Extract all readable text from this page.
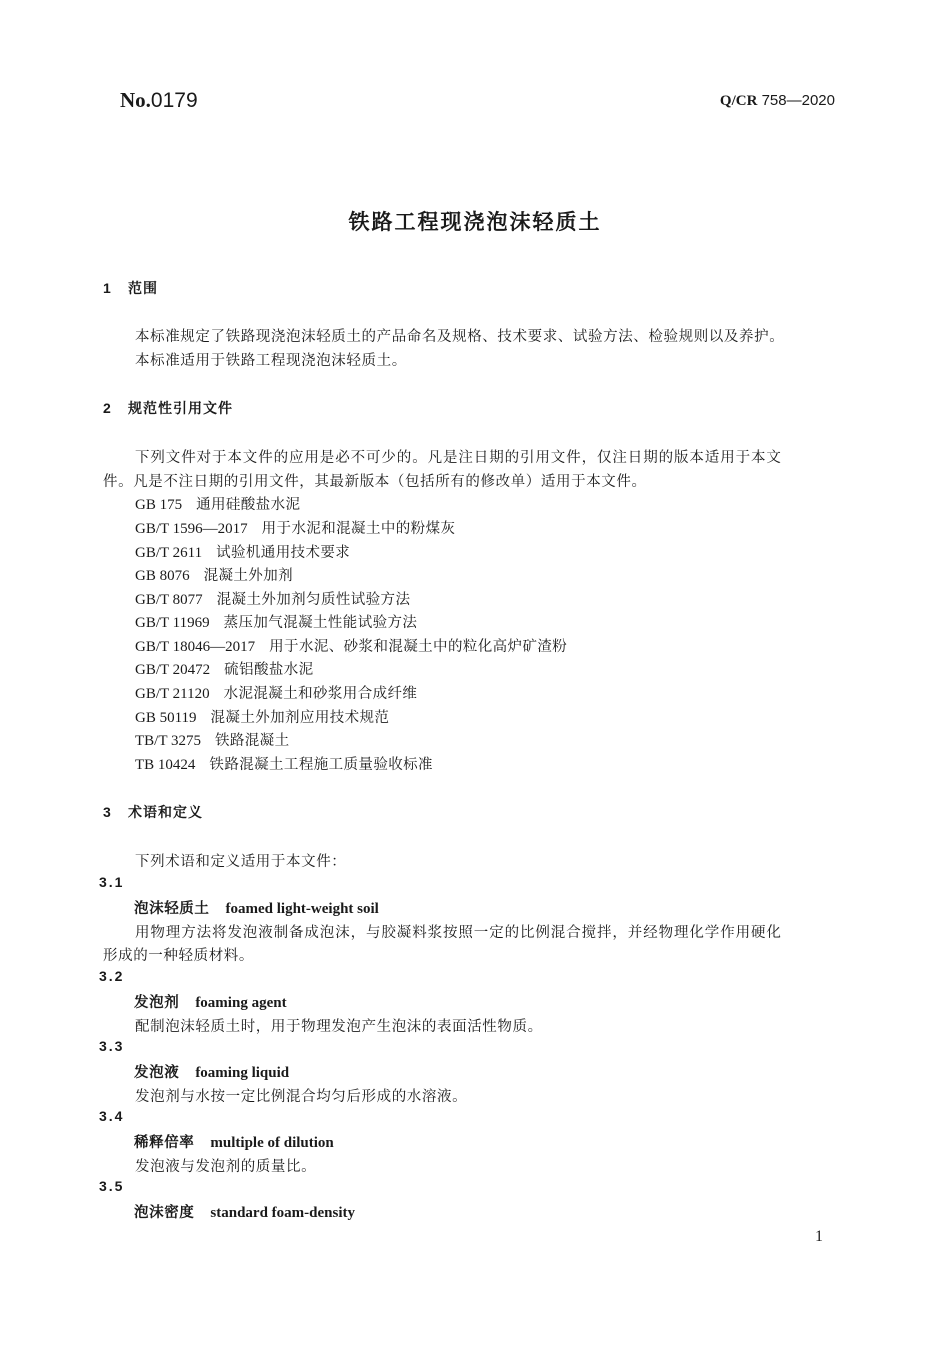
No.0179	Q/CR 758—2020
铁路工程现浇泡沫轻质土
1 范围
本标准规定了铁路现浇泡沫轻质土的产品命名及规格、技术要求、试验方法、检验规则以及养护。
本标准适用于铁路工程现浇泡沫轻质土。
2 规范性引用文件
下列文件对于本文件的应用是必不可少的。凡是注日期的引用文件，仅注日期的版本适用于本文
件。凡是不注日期的引用文件，其最新版本（包括所有的修改单）适用于本文件。
GB 175 通用硅酸盐水泥
GB/T 1596—2017 用于水泥和混凝土中的粉煤灰
GB/T 2611 试验机通用技术要求
GB 8076 混凝土外加剂
GB/T 8077 混凝土外加剂匀质性试验方法
GB/T 11969 蒸压加气混凝土性能试验方法
GB/T 18046—2017 用于水泥、砂浆和混凝土中的粒化高炉矿渣粉
GB/T 20472 硫铝酸盐水泥
GB/T 21120 水泥混凝土和砂浆用合成纤维
GB 50119 混凝土外加剂应用技术规范
TB/T 3275 铁路混凝土
TB 10424 铁路混凝土工程施工质量验收标准
3 术语和定义
下列术语和定义适用于本文件：
3.1
泡沫轻质土 foamed light-weight soil
用物理方法将发泡液制备成泡沫，与胶凝料浆按照一定的比例混合搅拌，并经物理化学作用硬化
形成的一种轻质材料。
3.2
发泡剂 foaming agent
配制泡沫轻质土时，用于物理发泡产生泡沫的表面活性物质。
3.3
发泡液 foaming liquid
发泡剂与水按一定比例混合均匀后形成的水溶液。
3.4
稀释倍率 multiple of dilution
发泡液与发泡剂的质量比。
3.5
泡沫密度 standard foam-density
1
